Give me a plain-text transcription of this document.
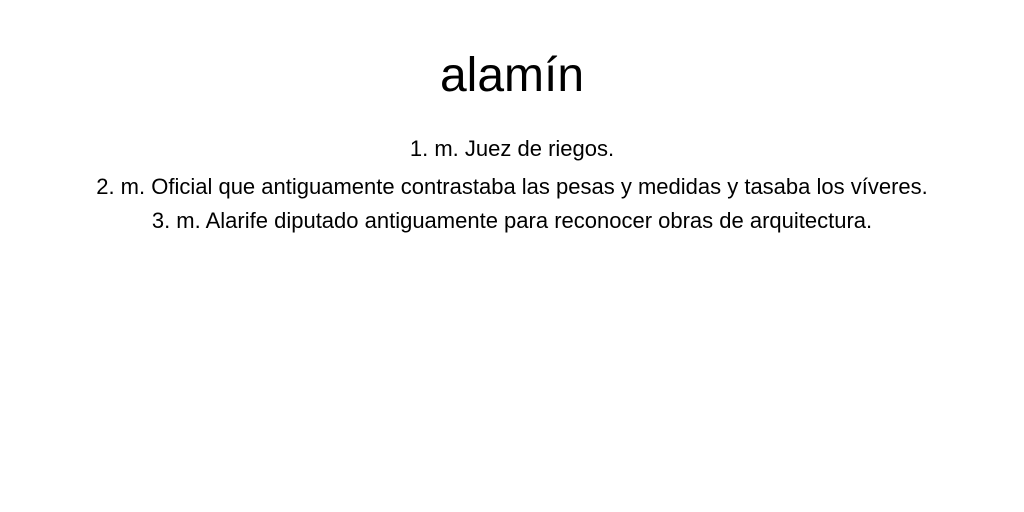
alamín
1. m. Juez de riegos.
2. m. Oficial que antiguamente contrastaba las pesas y medidas y tasaba los víveres.
3. m. Alarife diputado antiguamente para reconocer obras de arquitectura.
